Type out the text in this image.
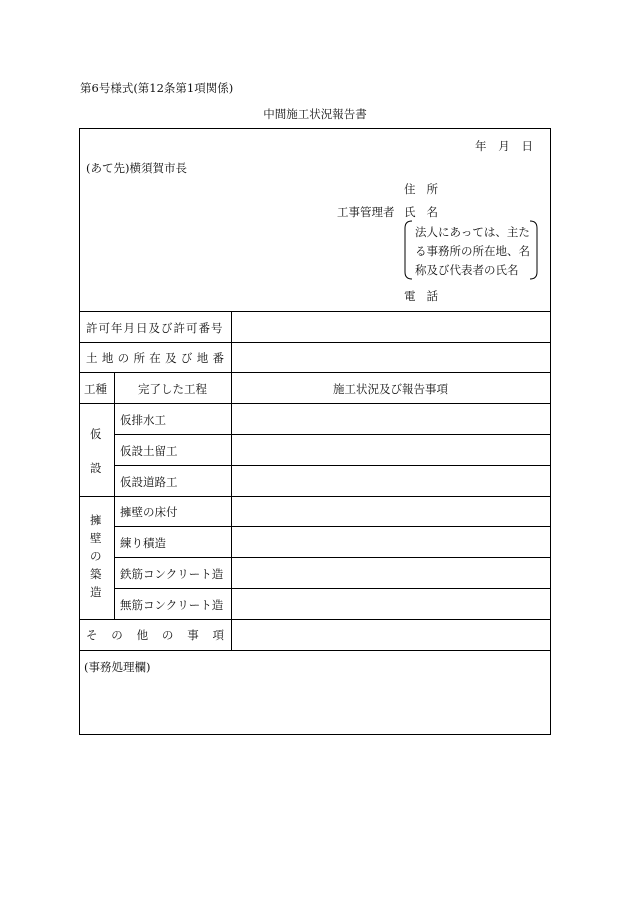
第6号様式(第12条第1項関係)
中間施工状況報告書
年 月 日
(あて先)横須賀市長
住 所
工事管理者 氏 名
法人にあっては、主た
る事務所の所在地、名
称及び代表者の氏名
電 話
許可年月日及び許可番号
土 地 の 所 在 及 び 地 番
工種	完了した工程	施工状況及び報告事項
仮
設
仮排水工
仮設土留工
仮設道路工
擁
壁
の
築
造
擁壁の床付
練り積造
鉄筋コンクリート造
無筋コンクリート造
そ の 他 の 事 項
(事務処理欄)
